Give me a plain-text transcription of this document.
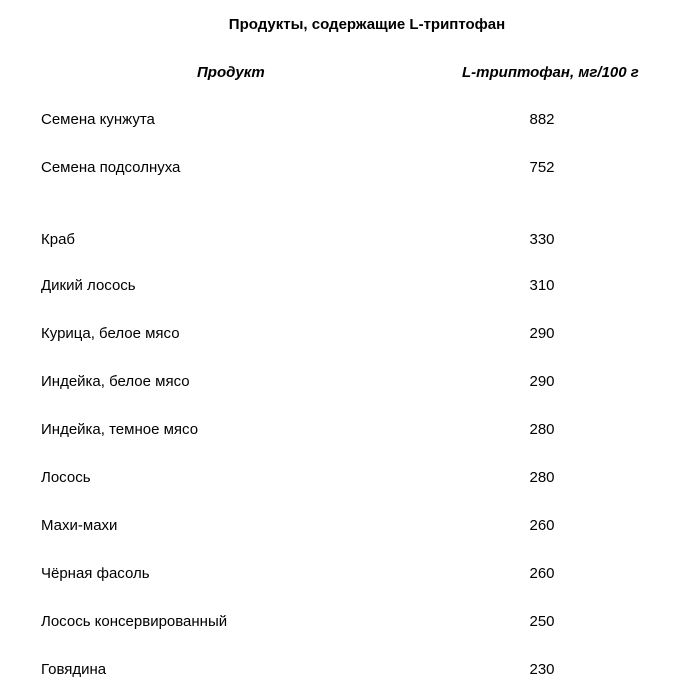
Продукты, содержащие L-триптофан
Продукт	L-триптофан, мг/100 г
Семена кунжута	882
Семена подсолнуха	752
Краб	330
Дикий лосось	310
Курица, белое мясо	290
Индейка, белое мясо	290
Индейка, темное мясо	280
Лосось	280
Махи-махи	260
Чёрная фасоль	260
Лосось консервированный	250
Говядина	230
